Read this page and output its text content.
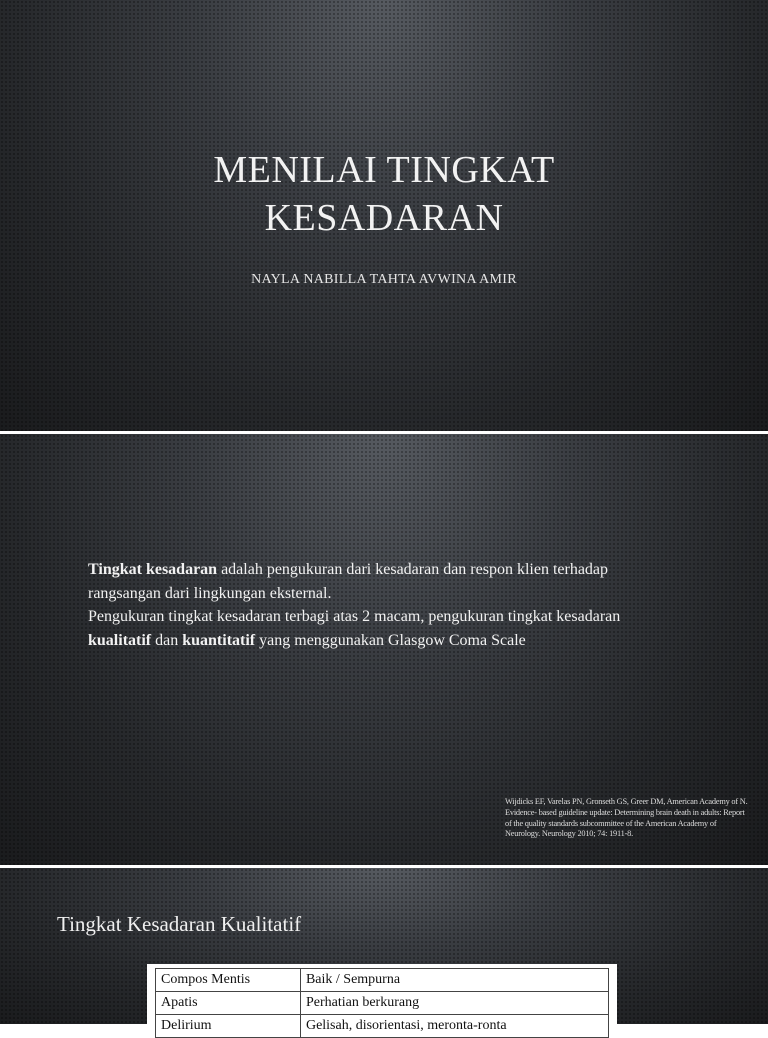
MENILAI TINGKAT
KESADARAN
NAYLA NABILLA TAHTA AVWINA AMIR
Tingkat kesadaran adalah pengukuran dari kesadaran dan respon klien terhadap rangsangan dari lingkungan eksternal.
Pengukuran tingkat kesadaran terbagi atas 2 macam, pengukuran tingkat kesadaran kualitatif dan kuantitatif yang menggunakan Glasgow Coma Scale
Wijdicks EF, Varelas PN, Gronseth GS, Greer DM, American Academy of N. Evidence- based guideline update: Determining brain death in adults: Report of the quality standards subcommittee of the American Academy of Neurology. Neurology 2010; 74: 1911-8.
Tingkat Kesadaran Kualitatif
Compos Mentis	Baik / Sempurna
Apatis	Perhatian berkurang
Delirium	Gelisah, disorientasi, meronta-ronta
